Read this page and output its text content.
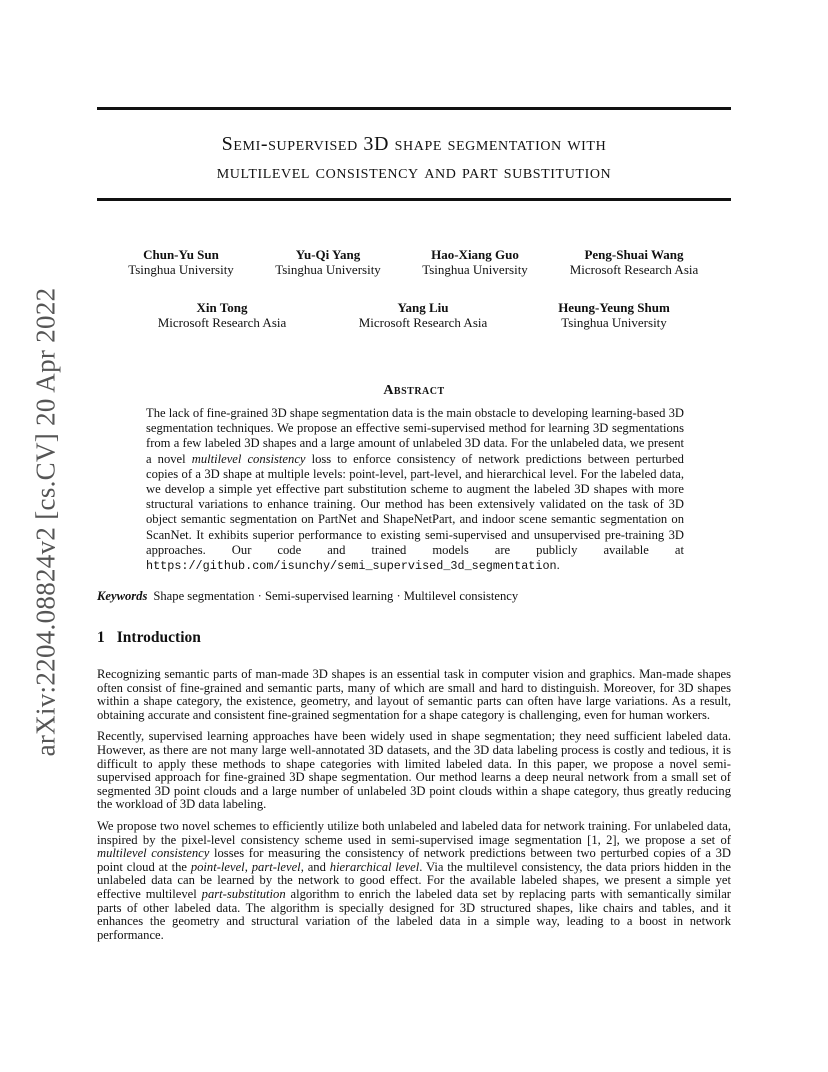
Semi-supervised 3D shape segmentation with
multilevel consistency and part substitution
arXiv:2204.08824v2 [cs.CV] 20 Apr 2022
Chun-Yu Sun
Tsinghua University
Yu-Qi Yang
Tsinghua University
Hao-Xiang Guo
Tsinghua University
Peng-Shuai Wang
Microsoft Research Asia
Xin Tong
Microsoft Research Asia
Yang Liu
Microsoft Research Asia
Heung-Yeung Shum
Tsinghua University
Abstract
The lack of fine-grained 3D shape segmentation data is the main obstacle to developing learning-based 3D segmentation techniques. We propose an effective semi-supervised method for learning 3D segmentations from a few labeled 3D shapes and a large amount of unlabeled 3D data. For the unlabeled data, we present a novel multilevel consistency loss to enforce consistency of network predictions between perturbed copies of a 3D shape at multiple levels: point-level, part-level, and hierarchical level. For the labeled data, we develop a simple yet effective part substitution scheme to augment the labeled 3D shapes with more structural variations to enhance training. Our method has been extensively validated on the task of 3D object semantic segmentation on PartNet and ShapeNetPart, and indoor scene semantic segmentation on ScanNet. It exhibits superior performance to existing semi-supervised and unsupervised pre-training 3D approaches. Our code and trained models are publicly available at https://github.com/isunchy/semi_supervised_3d_segmentation.
Keywords Shape segmentation · Semi-supervised learning · Multilevel consistency
1 Introduction

Recognizing semantic parts of man-made 3D shapes is an essential task in computer vision and graphics. Man-made shapes often consist of fine-grained and semantic parts, many of which are small and hard to distinguish. Moreover, for 3D shapes within a shape category, the existence, geometry, and layout of semantic parts can often have large variations. As a result, obtaining accurate and consistent fine-grained segmentation for a shape category is challenging, even for human workers.

Recently, supervised learning approaches have been widely used in shape segmentation; they need sufficient labeled data. However, as there are not many large well-annotated 3D datasets, and the 3D data labeling process is costly and tedious, it is difficult to apply these methods to shape categories with limited labeled data. In this paper, we propose a novel semi-supervised approach for fine-grained 3D shape segmentation. Our method learns a deep neural network from a small set of segmented 3D point clouds and a large number of unlabeled 3D point clouds within a shape category, thus greatly reducing the workload of 3D data labeling.

We propose two novel schemes to efficiently utilize both unlabeled and labeled data for network training. For unlabeled data, inspired by the pixel-level consistency scheme used in semi-supervised image segmentation [1, 2], we propose a set of multilevel consistency losses for measuring the consistency of network predictions between two perturbed copies of a 3D point cloud at the point-level, part-level, and hierarchical level. Via the multilevel consistency, the data priors hidden in the unlabeled data can be learned by the network to good effect. For the available labeled shapes, we present a simple yet effective multilevel part-substitution algorithm to enrich the labeled data set by replacing parts with semantically similar parts of other labeled data. The algorithm is specially designed for 3D structured shapes, like chairs and tables, and it enhances the geometry and structural variation of the labeled data in a simple way, leading to a boost in network performance.
